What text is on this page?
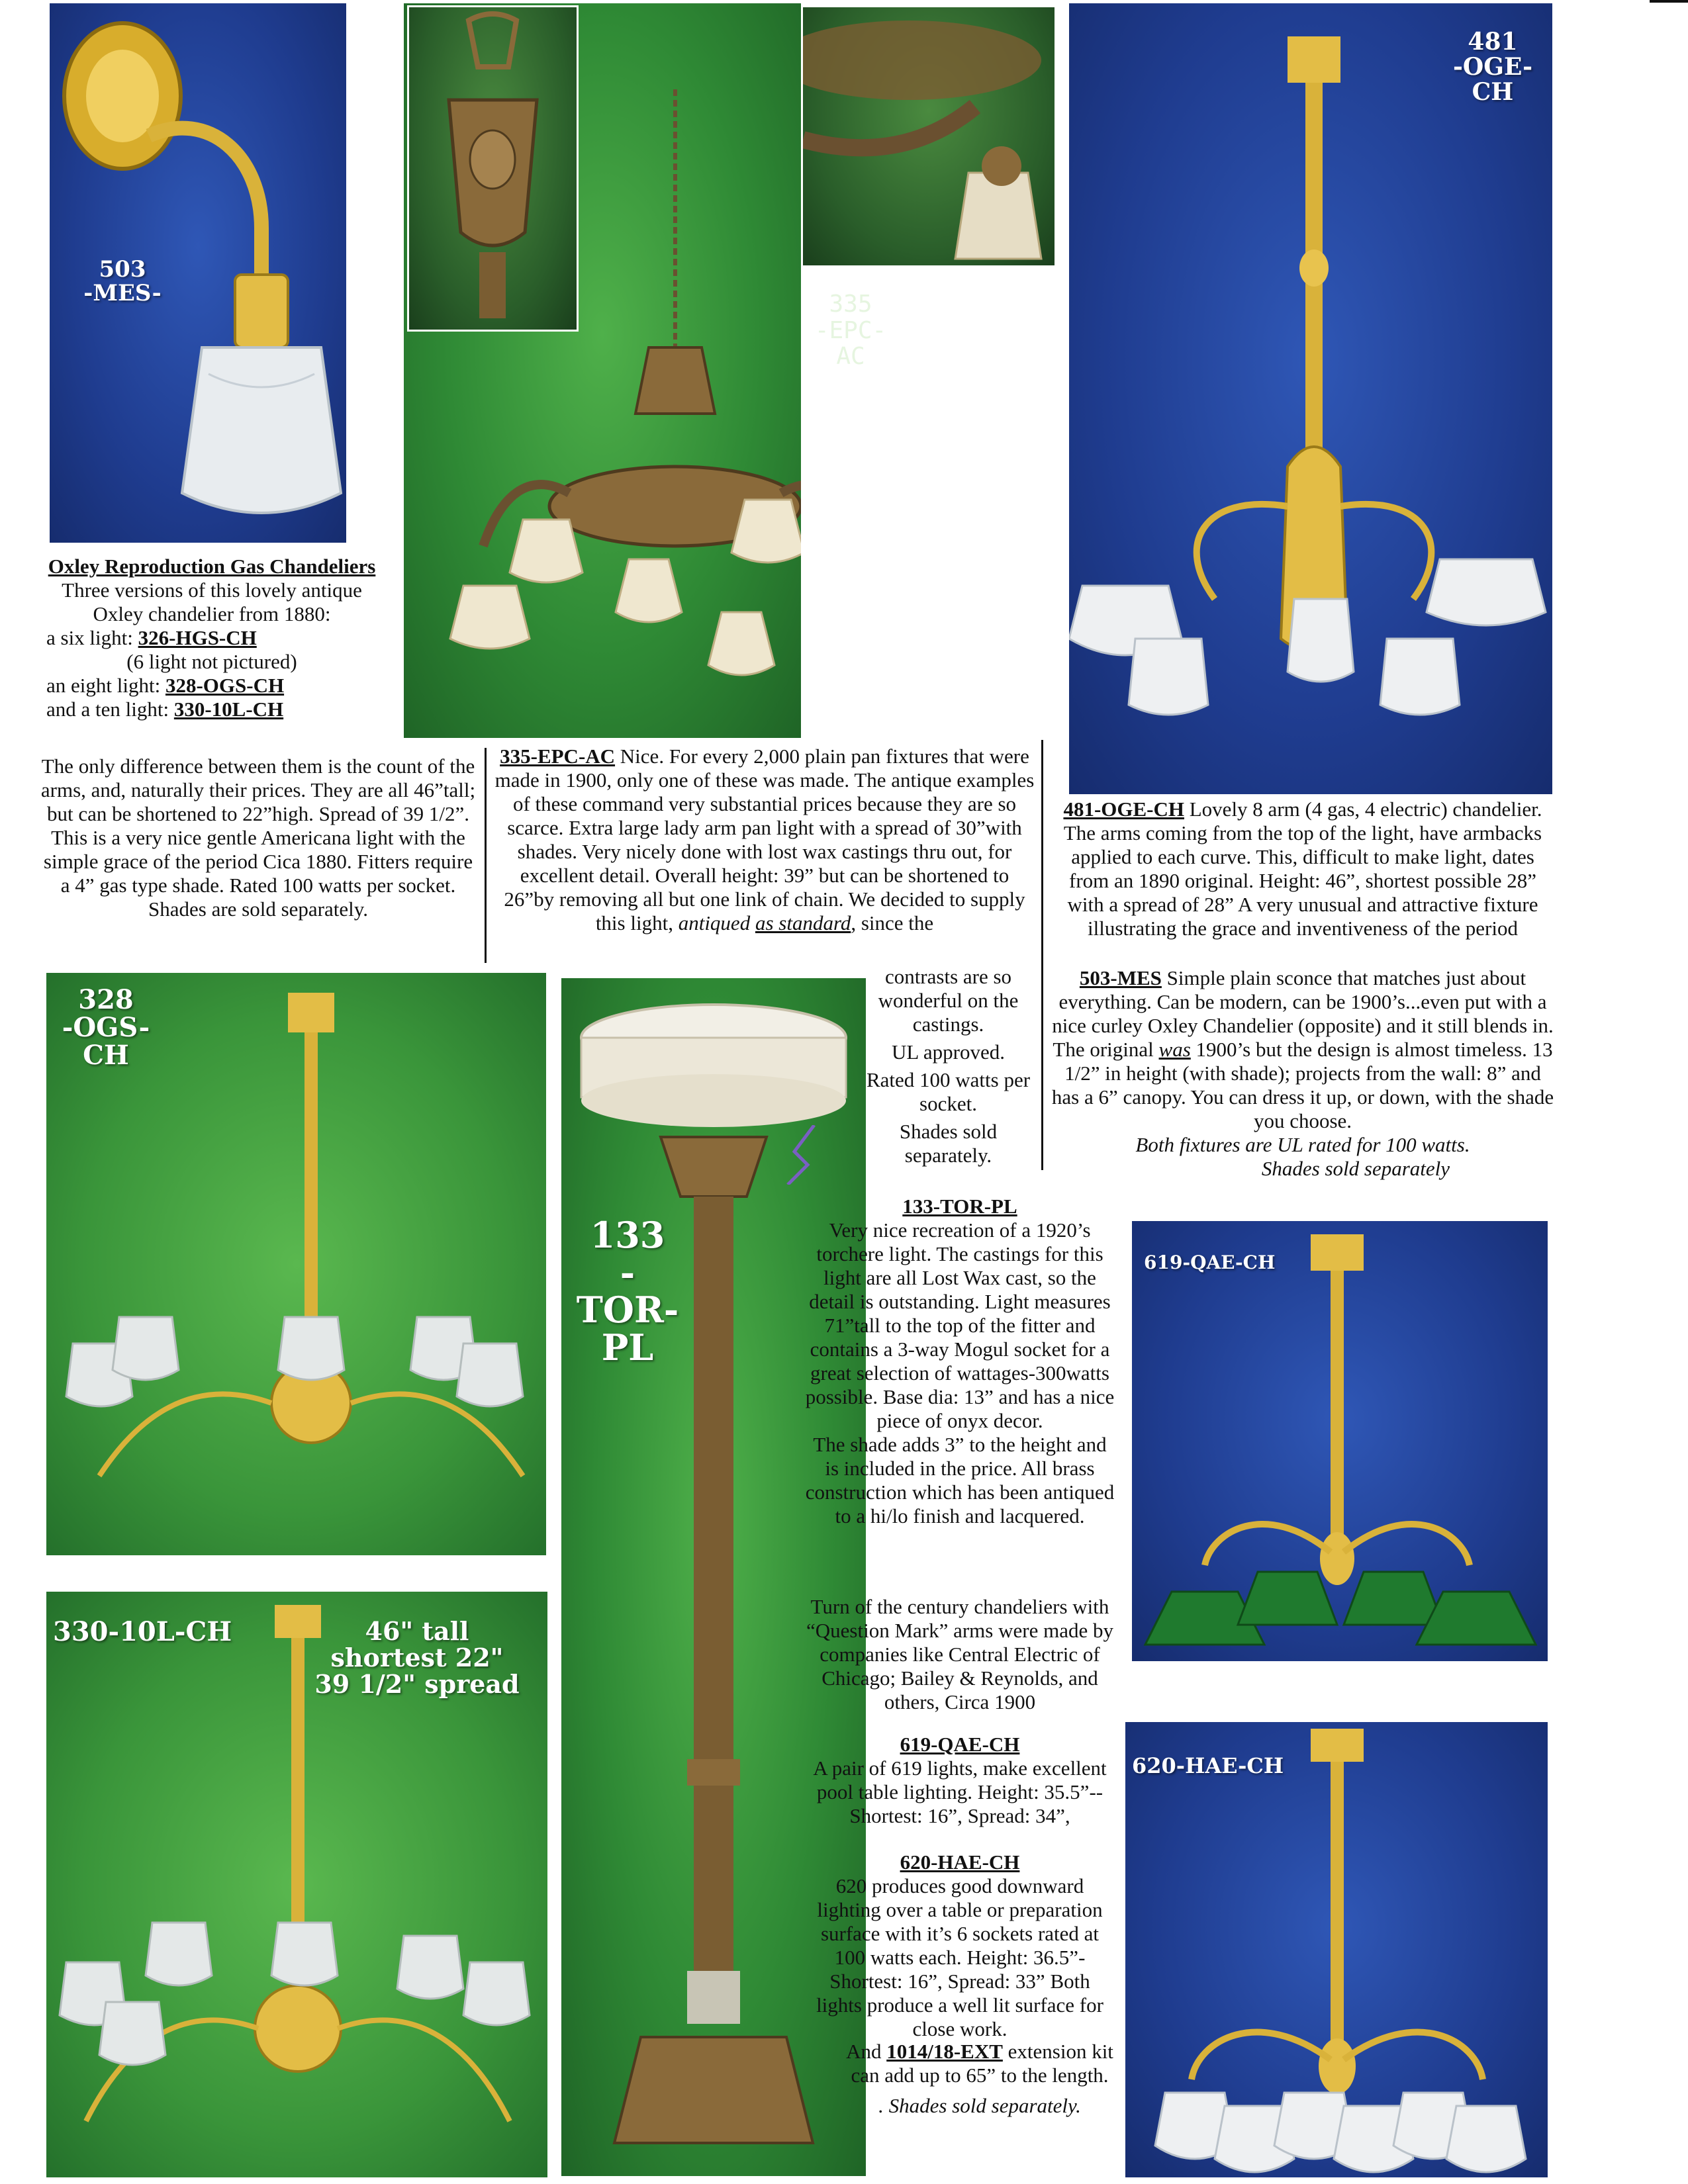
503
-MES-	335
-EPC-
AC
481
-OGE-
CH
Oxley Reproduction Gas Chandeliers
Three versions of this lovely antique Oxley chandelier from 1880:
a six light: 326-HGS-CH
(6 light not pictured)
an eight light: 328-OGS-CH
and a ten light: 330-10L-CH
The only difference between them is the count of the arms, and, naturally their prices. They are all 46”tall; but can be shortened to 22”high. Spread of 39 1/2”. This is a very nice gentle Americana light with the simple grace of the period Cica 1880. Fitters require a 4” gas type shade. Rated 100 watts per socket. Shades are sold separately.
335-EPC-AC Nice. For every 2,000 plain pan fixtures that were made in 1900, only one of these was made. The antique examples of these command very substantial prices because they are so scarce. Extra large lady arm pan light with a spread of 30”with shades. Very nicely done with lost wax castings thru out, for excellent detail. Overall height: 39” but can be shortened to 26”by removing all but one link of chain. We decided to supply this light, antiqued as standard, since the
contrasts are so wonderful on the castings.
UL approved.
Rated 100 watts per socket.
Shades sold separately.
481-OGE-CH Lovely 8 arm (4 gas, 4 electric) chandelier. The arms coming from the top of the light, have armbacks applied to each curve. This, difficult to make light, dates from an 1890 original. Height: 46”, shortest possible 28” with a spread of 28” A very unusual and attractive fixture illustrating the grace and inventiveness of the period
503-MES Simple plain sconce that matches just about everything. Can be modern, can be 1900’s...even put with a nice curley Oxley Chandelier (opposite) and it still blends in. The original was 1900’s but the design is almost timeless. 13 1/2” in height (with shade); projects from the wall: 8” and has a 6” canopy. You can dress it up, or down, with the shade you choose.
Both fixtures are UL rated for 100 watts.
Shades sold separately
328
-OGS-
CH
330-10L-CH	46" tall
shortest 22"
39 1/2" spread
133
-TOR-
PL
133-TOR-PL
Very nice recreation of a 1920’s torchere light. The castings for this light are all Lost Wax cast, so the detail is outstanding. Light measures 71”tall to the top of the fitter and contains a 3-way Mogul socket for a great selection of wattages-300watts possible. Base dia: 13” and has a nice piece of onyx decor.
The shade adds 3” to the height and is included in the price. All brass construction which has been antiqued to a hi/lo finish and lacquered.
Turn of the century chandeliers with “Question Mark” arms were made by companies like Central Electric of Chicago; Bailey & Reynolds, and others, Circa 1900
619-QAE-CH
A pair of 619 lights, make excellent pool table lighting. Height: 35.5”--Shortest: 16”, Spread: 34”,
620-HAE-CH
620 produces good downward lighting over a table or preparation surface with it’s 6 sockets rated at 100 watts each. Height: 36.5”-Shortest: 16”, Spread: 33” Both lights produce a well lit surface for close work.
And 1014/18-EXT extension kit can add up to 65” to the length.
. Shades sold separately.
619-QAE-CH
620-HAE-CH
